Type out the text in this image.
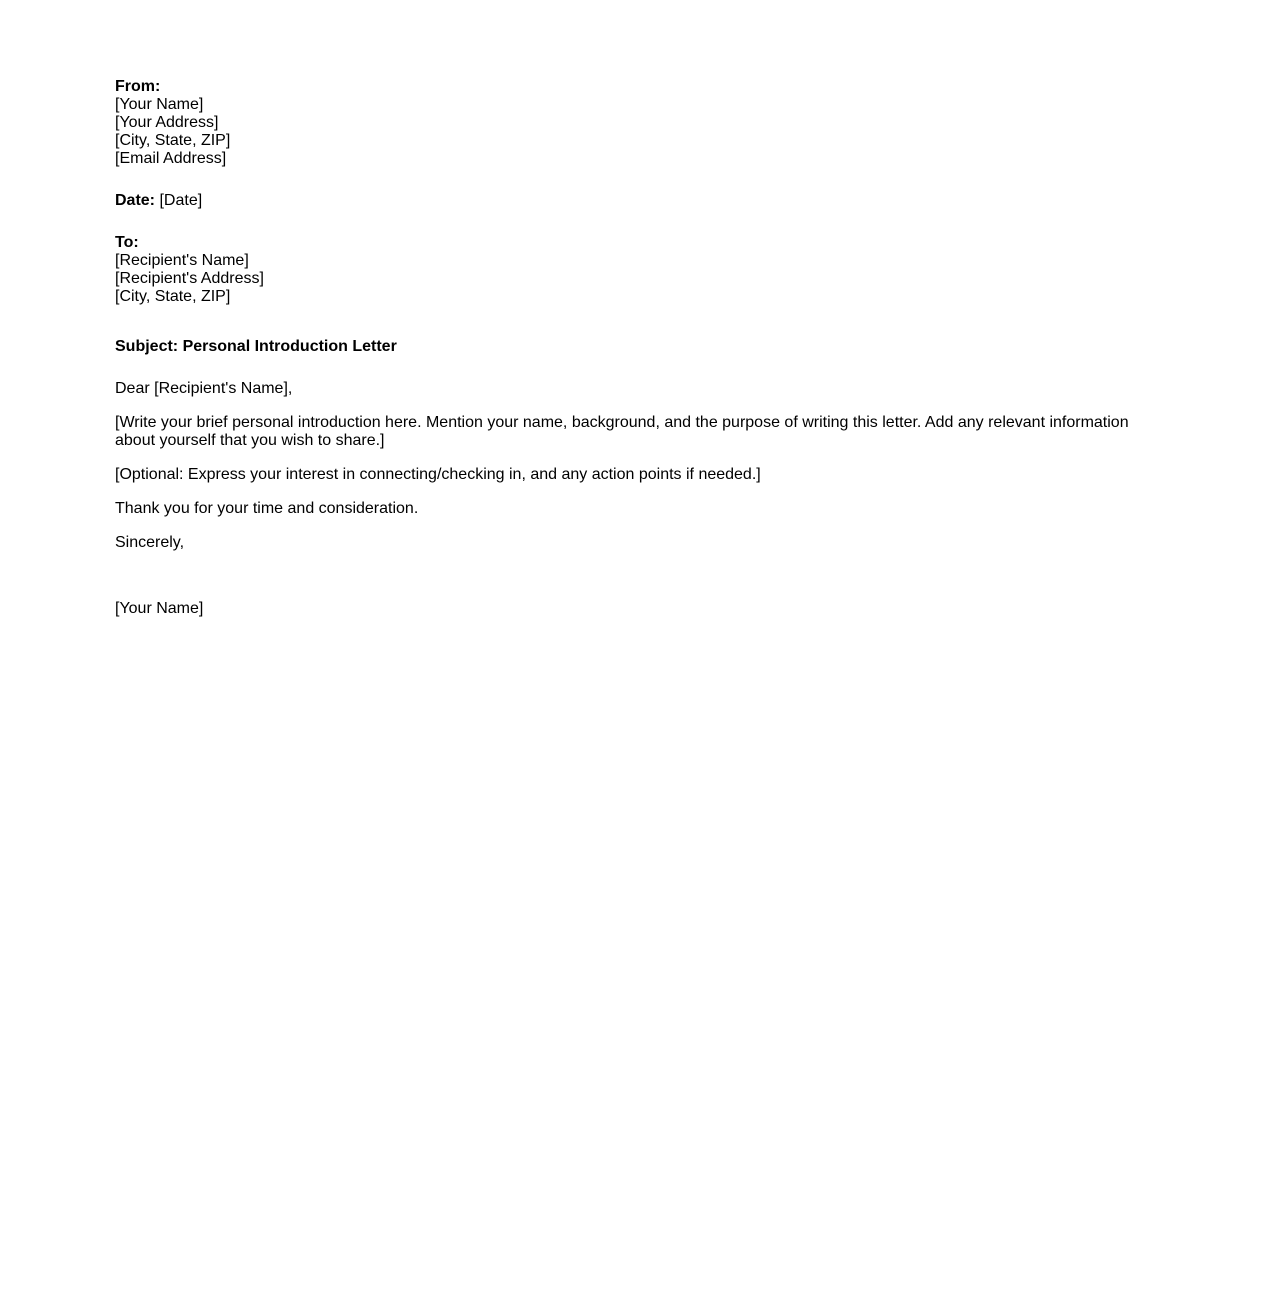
From:
[Your Name]
[Your Address]
[City, State, ZIP]
[Email Address]
Date: [Date]
To:
[Recipient's Name]
[Recipient's Address]
[City, State, ZIP]
Subject: Personal Introduction Letter
Dear [Recipient's Name],
[Write your brief personal introduction here. Mention your name, background, and the purpose of writing this letter. Add any relevant information about yourself that you wish to share.]
[Optional: Express your interest in connecting/checking in, and any action points if needed.]
Thank you for your time and consideration.
Sincerely,
[Your Name]
